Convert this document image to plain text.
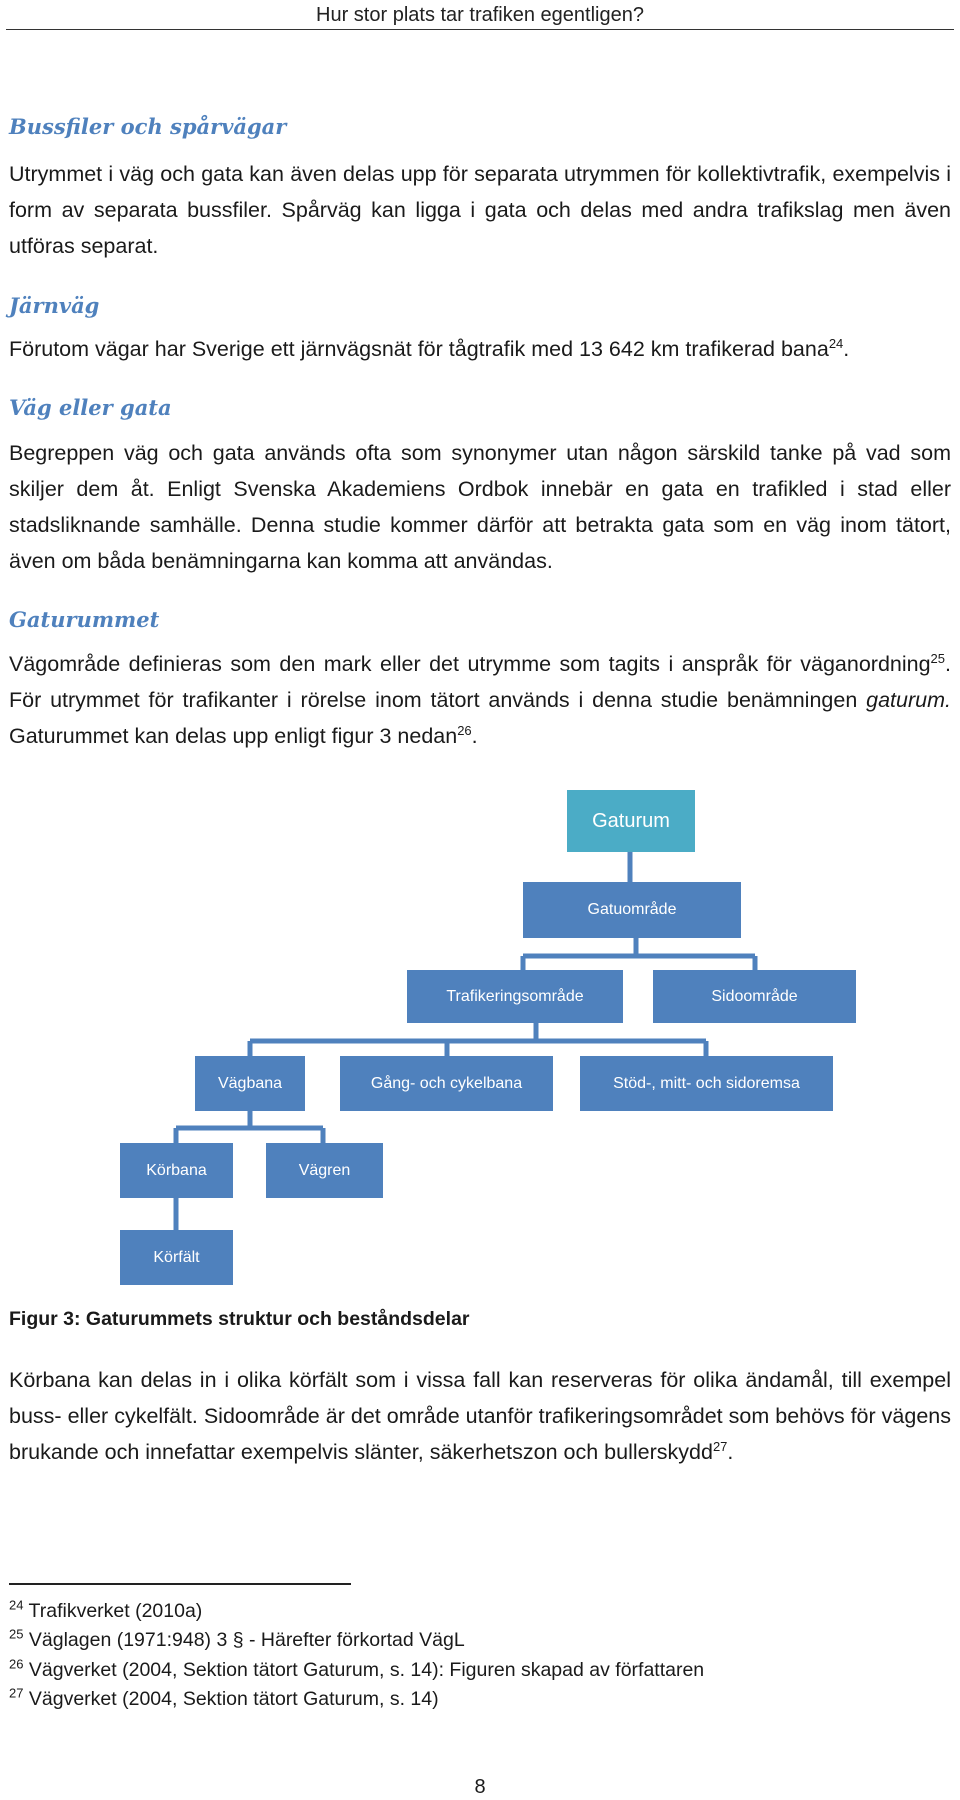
Hur stor plats tar trafiken egentligen?
Bussfiler och spårvägar
Utrymmet i väg och gata kan även delas upp för separata utrymmen för kollektivtrafik, exempelvis i form av separata bussfiler. Spårväg kan ligga i gata och delas med andra trafikslag men även utföras separat.
Järnväg
Förutom vägar har Sverige ett järnvägsnät för tågtrafik med 13 642 km trafikerad bana$^{24}$.
Väg eller gata
Begreppen väg och gata används ofta som synonymer utan någon särskild tanke på vad som skiljer dem åt. Enligt Svenska Akademiens Ordbok innebär en gata en trafikled i stad eller stadsliknande samhälle. Denna studie kommer därför att betrakta gata som en väg inom tätort, även om båda benämningarna kan komma att användas.
Gaturummet
Vägområde definieras som den mark eller det utrymme som tagits i anspråk för väganordning$^{25}$. För utrymmet för trafikanter i rörelse inom tätort används i denna studie benämningen gaturum. Gaturummet kan delas upp enligt figur 3 nedan$^{26}$.
Gaturum
Gatuområde
Trafikeringsområde	Sidoområde
Vägbana	Gång- och cykelbana	Stöd-, mitt- och sidoremsa
Körbana	Vägren
Körfält
Figur 3: Gaturummets struktur och beståndsdelar
Körbana kan delas in i olika körfält som i vissa fall kan reserveras för olika ändamål, till exempel buss- eller cykelfält. Sidoområde är det område utanför trafikeringsområdet som behövs för vägens brukande och innefattar exempelvis slänter, säkerhetszon och bullerskydd$^{27}$.
$^{24}$ Trafikverket (2010a)
$^{25}$ Väglagen (1971:948) 3 § - Härefter förkortad VägL
$^{26}$ Vägverket (2004, Sektion tätort Gaturum, s. 14): Figuren skapad av författaren
$^{27}$ Vägverket (2004, Sektion tätort Gaturum, s. 14)
8
